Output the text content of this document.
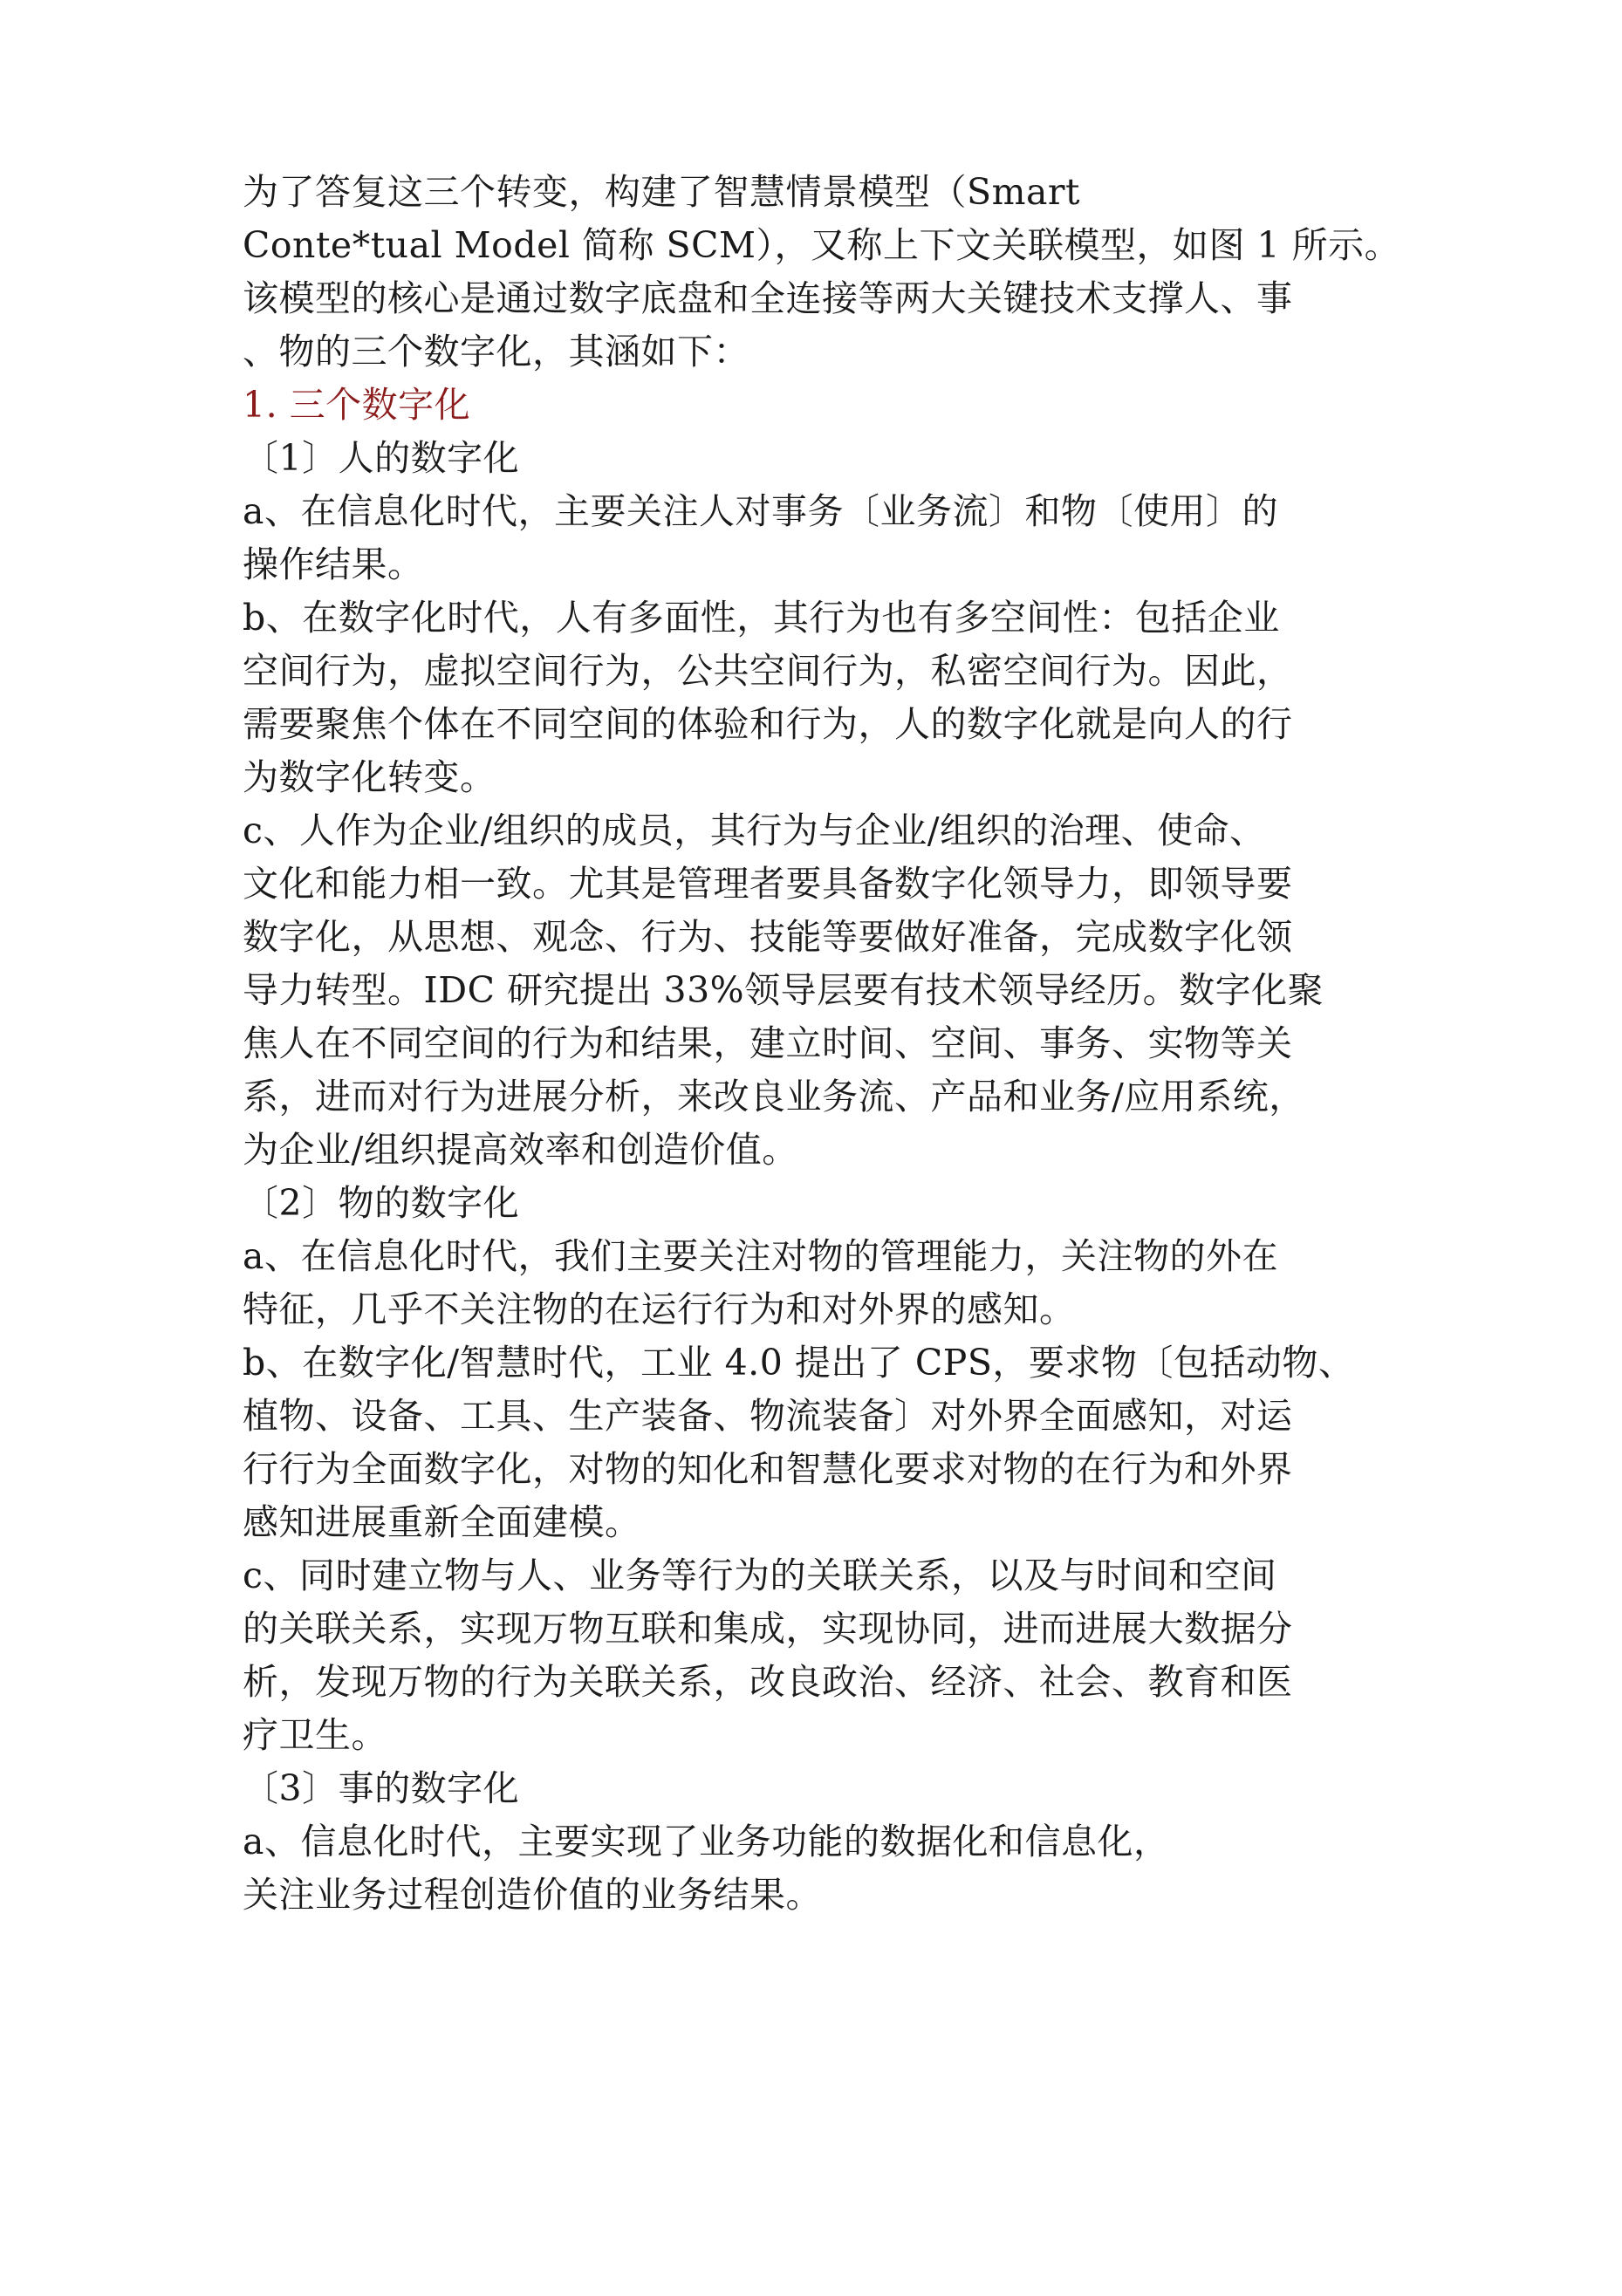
为了答复这三个转变，构建了智慧情景模型（Smart
Conte*tual Model 简称 SCM），又称上下文关联模型，如图 1 所示。
该模型的核心是通过数字底盘和全连接等两大关键技术支撑人、事
、物的三个数字化，其涵如下：
1. 三个数字化
〔1〕人的数字化
a、在信息化时代，主要关注人对事务〔业务流〕和物〔使用〕的
操作结果。
b、在数字化时代，人有多面性，其行为也有多空间性：包括企业
空间行为，虚拟空间行为，公共空间行为，私密空间行为。因此，
需要聚焦个体在不同空间的体验和行为，人的数字化就是向人的行
为数字化转变。
c、人作为企业/组织的成员，其行为与企业/组织的治理、使命、
文化和能力相一致。尤其是管理者要具备数字化领导力，即领导要
数字化，从思想、观念、行为、技能等要做好准备，完成数字化领
导力转型。IDC 研究提出 33%领导层要有技术领导经历。数字化聚
焦人在不同空间的行为和结果，建立时间、空间、事务、实物等关
系，进而对行为进展分析，来改良业务流、产品和业务/应用系统，
为企业/组织提高效率和创造价值。
〔2〕物的数字化
a、在信息化时代，我们主要关注对物的管理能力，关注物的外在
特征，几乎不关注物的在运行行为和对外界的感知。
b、在数字化/智慧时代，工业 4.0 提出了 CPS，要求物〔包括动物、
植物、设备、工具、生产装备、物流装备〕对外界全面感知，对运
行行为全面数字化，对物的知化和智慧化要求对物的在行为和外界
感知进展重新全面建模。
c、同时建立物与人、业务等行为的关联关系，以及与时间和空间
的关联关系，实现万物互联和集成，实现协同，进而进展大数据分
析，发现万物的行为关联关系，改良政治、经济、社会、教育和医
疗卫生。
〔3〕事的数字化
a、信息化时代，主要实现了业务功能的数据化和信息化，
关注业务过程创造价值的业务结果。
